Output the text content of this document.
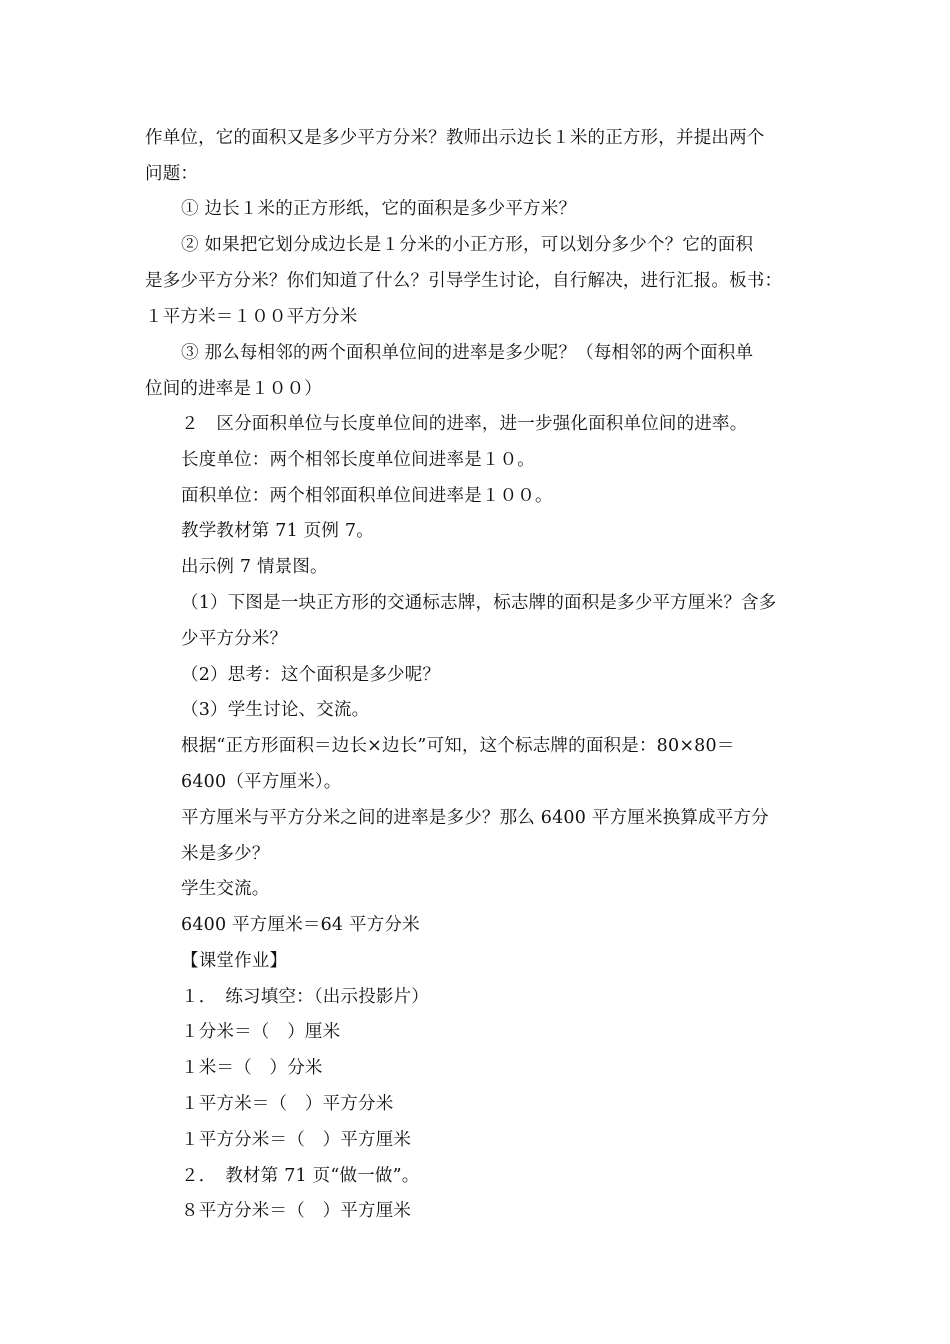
作单位，它的面积又是多少平方分米？教师出示边长１米的正方形，并提出两个
问题：
① 边长１米的正方形纸，它的面积是多少平方米？
② 如果把它划分成边长是１分米的小正方形，可以划分多少个？它的面积
是多少平方分米？你们知道了什么？引导学生讨论，自行解决，进行汇报。板书：
１平方米＝１００平方分米
③ 那么每相邻的两个面积单位间的进率是多少呢？（每相邻的两个面积单
位间的进率是１００）
２　区分面积单位与长度单位间的进率，进一步强化面积单位间的进率。
长度单位：两个相邻长度单位间进率是１０。
面积单位：两个相邻面积单位间进率是１００。
教学教材第 71 页例 7。
出示例 7 情景图。
（1）下图是一块正方形的交通标志牌，标志牌的面积是多少平方厘米？含多
少平方分米？
（2）思考：这个面积是多少呢？
（3）学生讨论、交流。
根据“正方形面积＝边长×边长”可知，这个标志牌的面积是：80×80＝
6400（平方厘米）。
平方厘米与平方分米之间的进率是多少？那么 6400 平方厘米换算成平方分
米是多少？
学生交流。
6400 平方厘米＝64 平方分米
【课堂作业】
１．　练习填空：（出示投影片）
１分米＝（　）厘米
１米＝（　）分米
１平方米＝（　）平方分米
１平方分米＝（　）平方厘米
２．　教材第 71 页“做一做”。
８平方分米＝（　）平方厘米
